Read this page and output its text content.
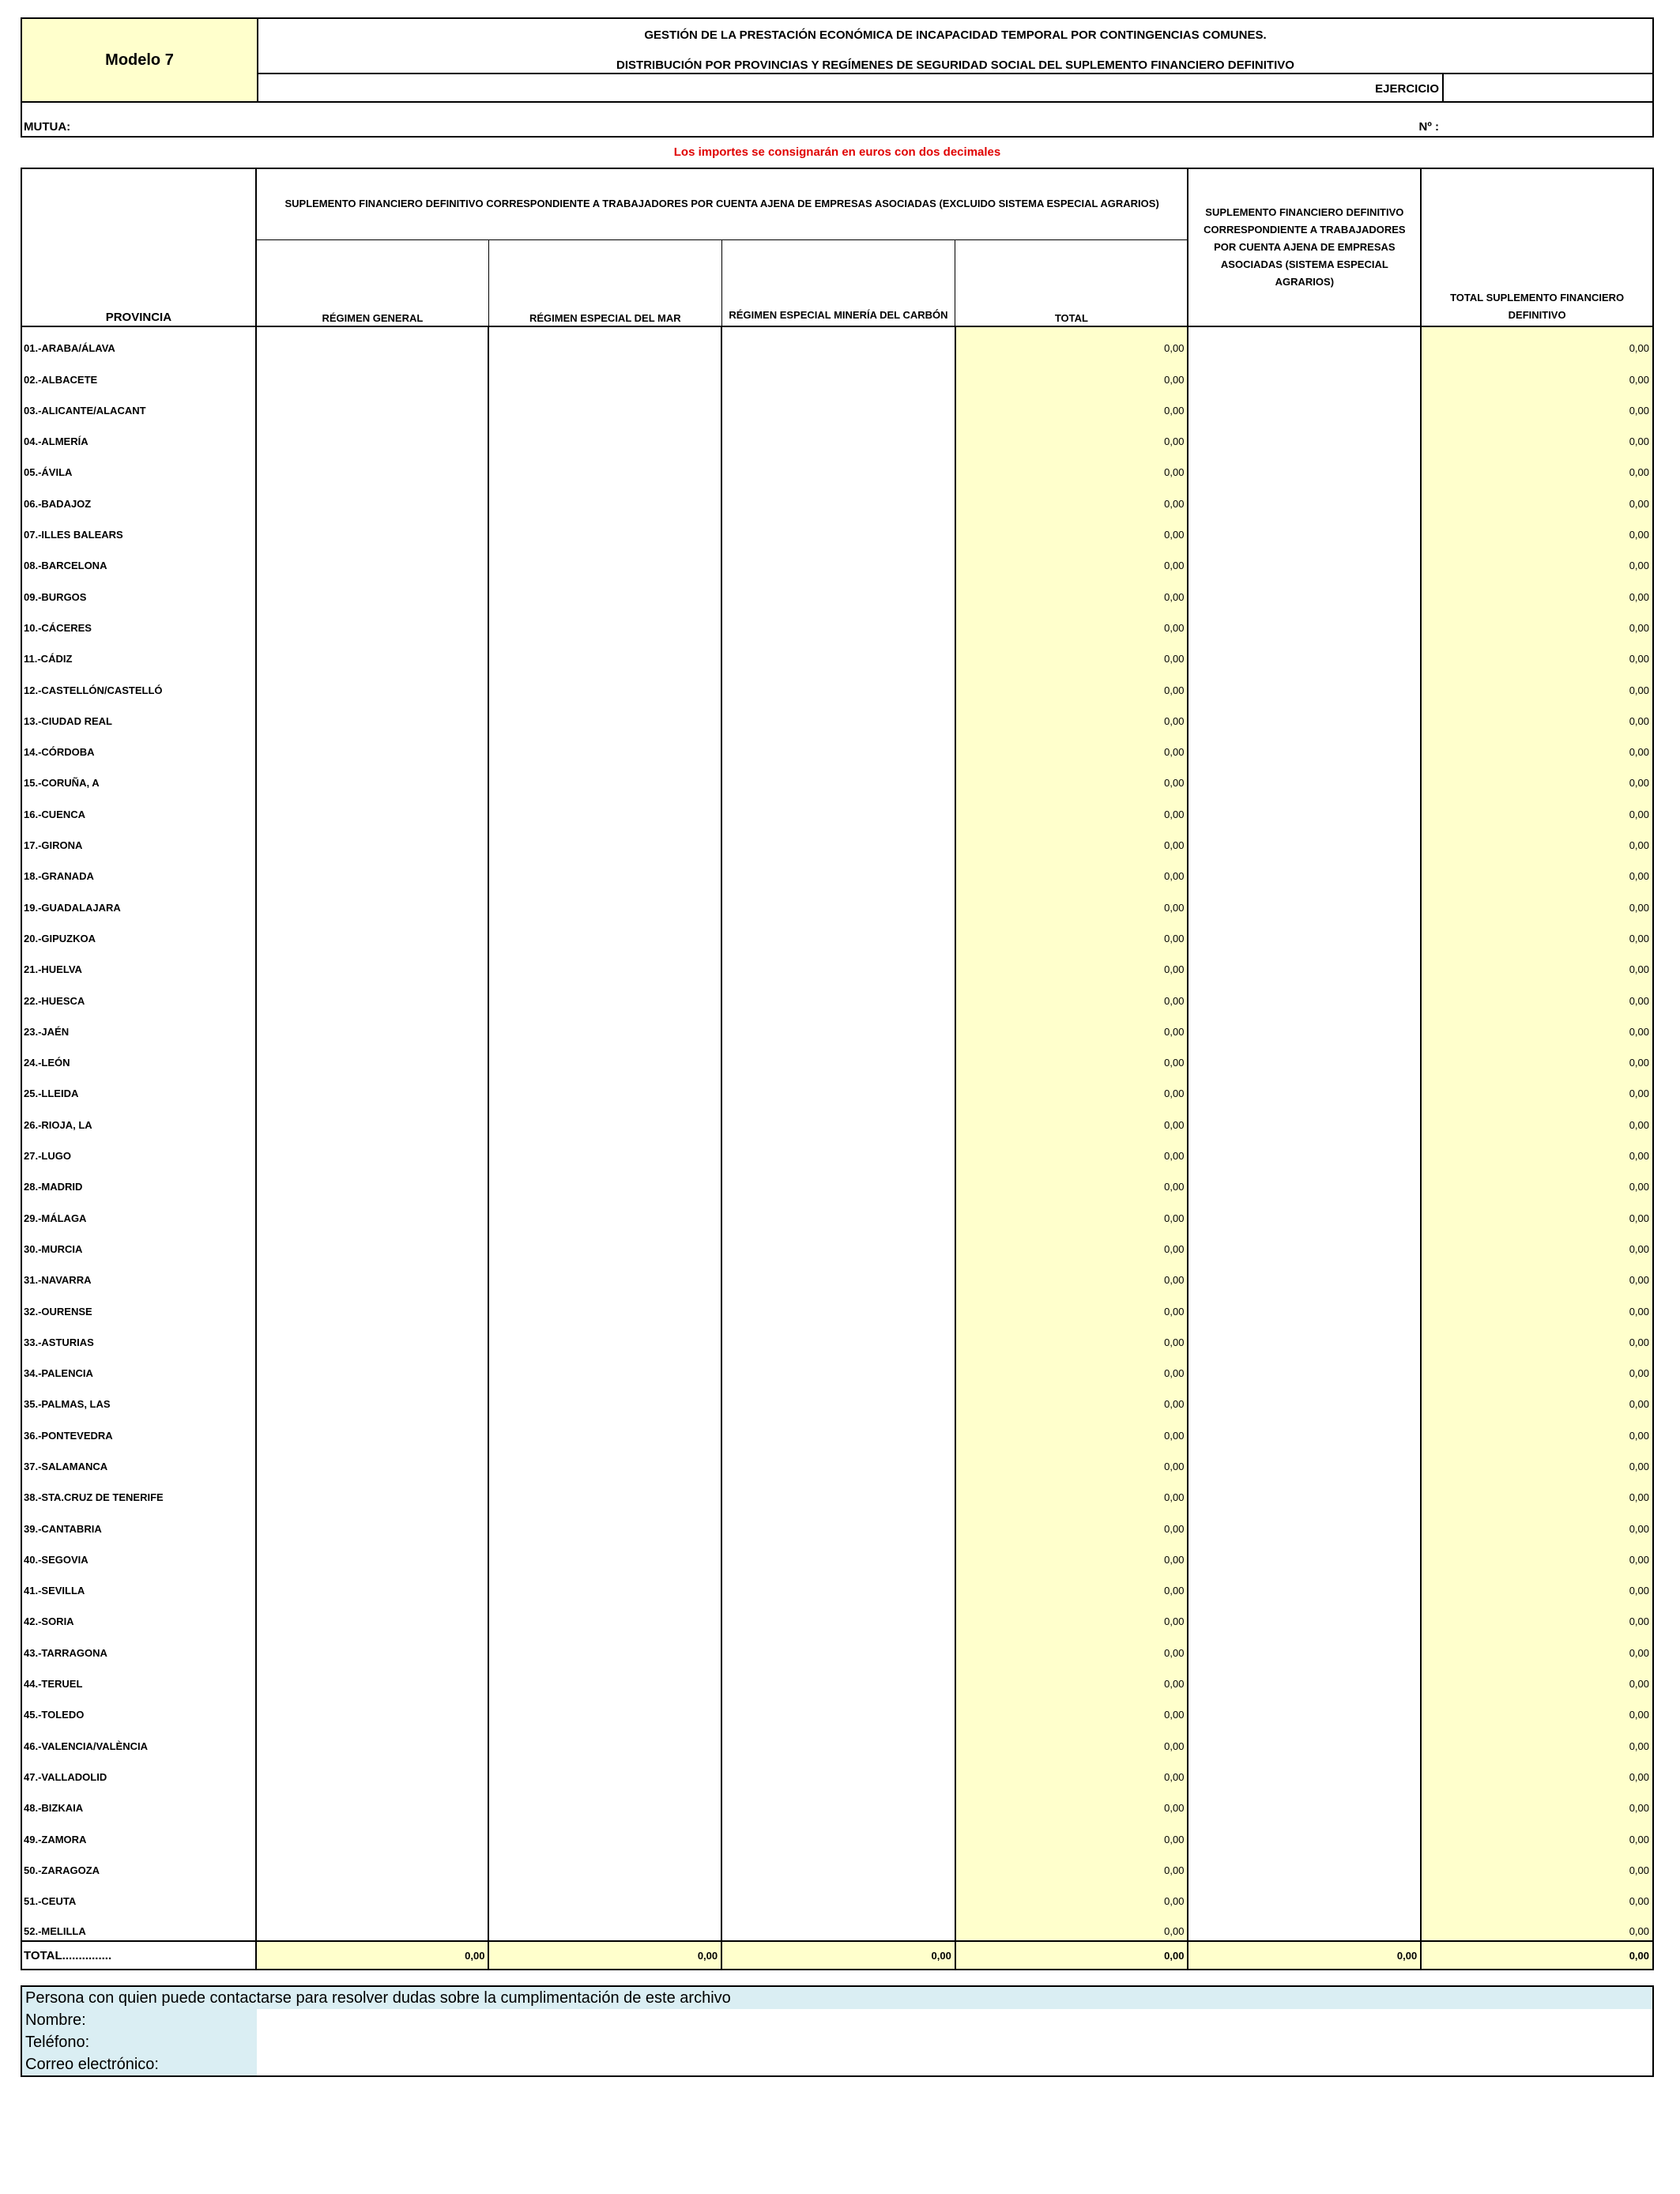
Modelo 7
GESTIÓN DE LA PRESTACIÓN ECONÓMICA DE INCAPACIDAD TEMPORAL POR CONTINGENCIAS COMUNES.
DISTRIBUCIÓN POR PROVINCIAS Y REGÍMENES DE SEGURIDAD SOCIAL DEL SUPLEMENTO FINANCIERO DEFINITIVO
EJERCICIO
MUTUA:	Nº :
Los importes se consignarán en euros con dos decimales
PROVINCIA	SUPLEMENTO FINANCIERO DEFINITIVO CORRESPONDIENTE A TRABAJADORES POR CUENTA AJENA DE EMPRESAS ASOCIADAS (EXCLUIDO SISTEMA ESPECIAL AGRARIOS)				SUPLEMENTO FINANCIERO DEFINITIVO CORRESPONDIENTE A TRABAJADORES POR CUENTA AJENA DE EMPRESAS ASOCIADAS (SISTEMA ESPECIAL AGRARIOS)	TOTAL SUPLEMENTO FINANCIERO DEFINITIVO
	RÉGIMEN GENERAL	RÉGIMEN ESPECIAL DEL MAR	RÉGIMEN ESPECIAL MINERÍA DEL CARBÓN	TOTAL		
01.-ARABA/ÁLAVA				0,00		0,00
02.-ALBACETE				0,00		0,00
03.-ALICANTE/ALACANT				0,00		0,00
04.-ALMERÍA				0,00		0,00
05.-ÁVILA				0,00		0,00
06.-BADAJOZ				0,00		0,00
07.-ILLES BALEARS				0,00		0,00
08.-BARCELONA				0,00		0,00
09.-BURGOS				0,00		0,00
10.-CÁCERES				0,00		0,00
11.-CÁDIZ				0,00		0,00
12.-CASTELLÓN/CASTELLÓ				0,00		0,00
13.-CIUDAD REAL				0,00		0,00
14.-CÓRDOBA				0,00		0,00
15.-CORUÑA, A				0,00		0,00
16.-CUENCA				0,00		0,00
17.-GIRONA				0,00		0,00
18.-GRANADA				0,00		0,00
19.-GUADALAJARA				0,00		0,00
20.-GIPUZKOA				0,00		0,00
21.-HUELVA				0,00		0,00
22.-HUESCA				0,00		0,00
23.-JAÉN				0,00		0,00
24.-LEÓN				0,00		0,00
25.-LLEIDA				0,00		0,00
26.-RIOJA, LA				0,00		0,00
27.-LUGO				0,00		0,00
28.-MADRID				0,00		0,00
29.-MÁLAGA				0,00		0,00
30.-MURCIA				0,00		0,00
31.-NAVARRA				0,00		0,00
32.-OURENSE				0,00		0,00
33.-ASTURIAS				0,00		0,00
34.-PALENCIA				0,00		0,00
35.-PALMAS, LAS				0,00		0,00
36.-PONTEVEDRA				0,00		0,00
37.-SALAMANCA				0,00		0,00
38.-STA.CRUZ DE TENERIFE				0,00		0,00
39.-CANTABRIA				0,00		0,00
40.-SEGOVIA				0,00		0,00
41.-SEVILLA				0,00		0,00
42.-SORIA				0,00		0,00
43.-TARRAGONA				0,00		0,00
44.-TERUEL				0,00		0,00
45.-TOLEDO				0,00		0,00
46.-VALENCIA/VALÈNCIA				0,00		0,00
47.-VALLADOLID				0,00		0,00
48.-BIZKAIA				0,00		0,00
49.-ZAMORA				0,00		0,00
50.-ZARAGOZA				0,00		0,00
51.-CEUTA				0,00		0,00
52.-MELILLA				0,00		0,00
TOTAL...............	0,00	0,00	0,00	0,00	0,00	0,00
Persona con quien puede contactarse para resolver dudas sobre la cumplimentación de este archivo
Nombre:
Teléfono:
Correo electrónico:
